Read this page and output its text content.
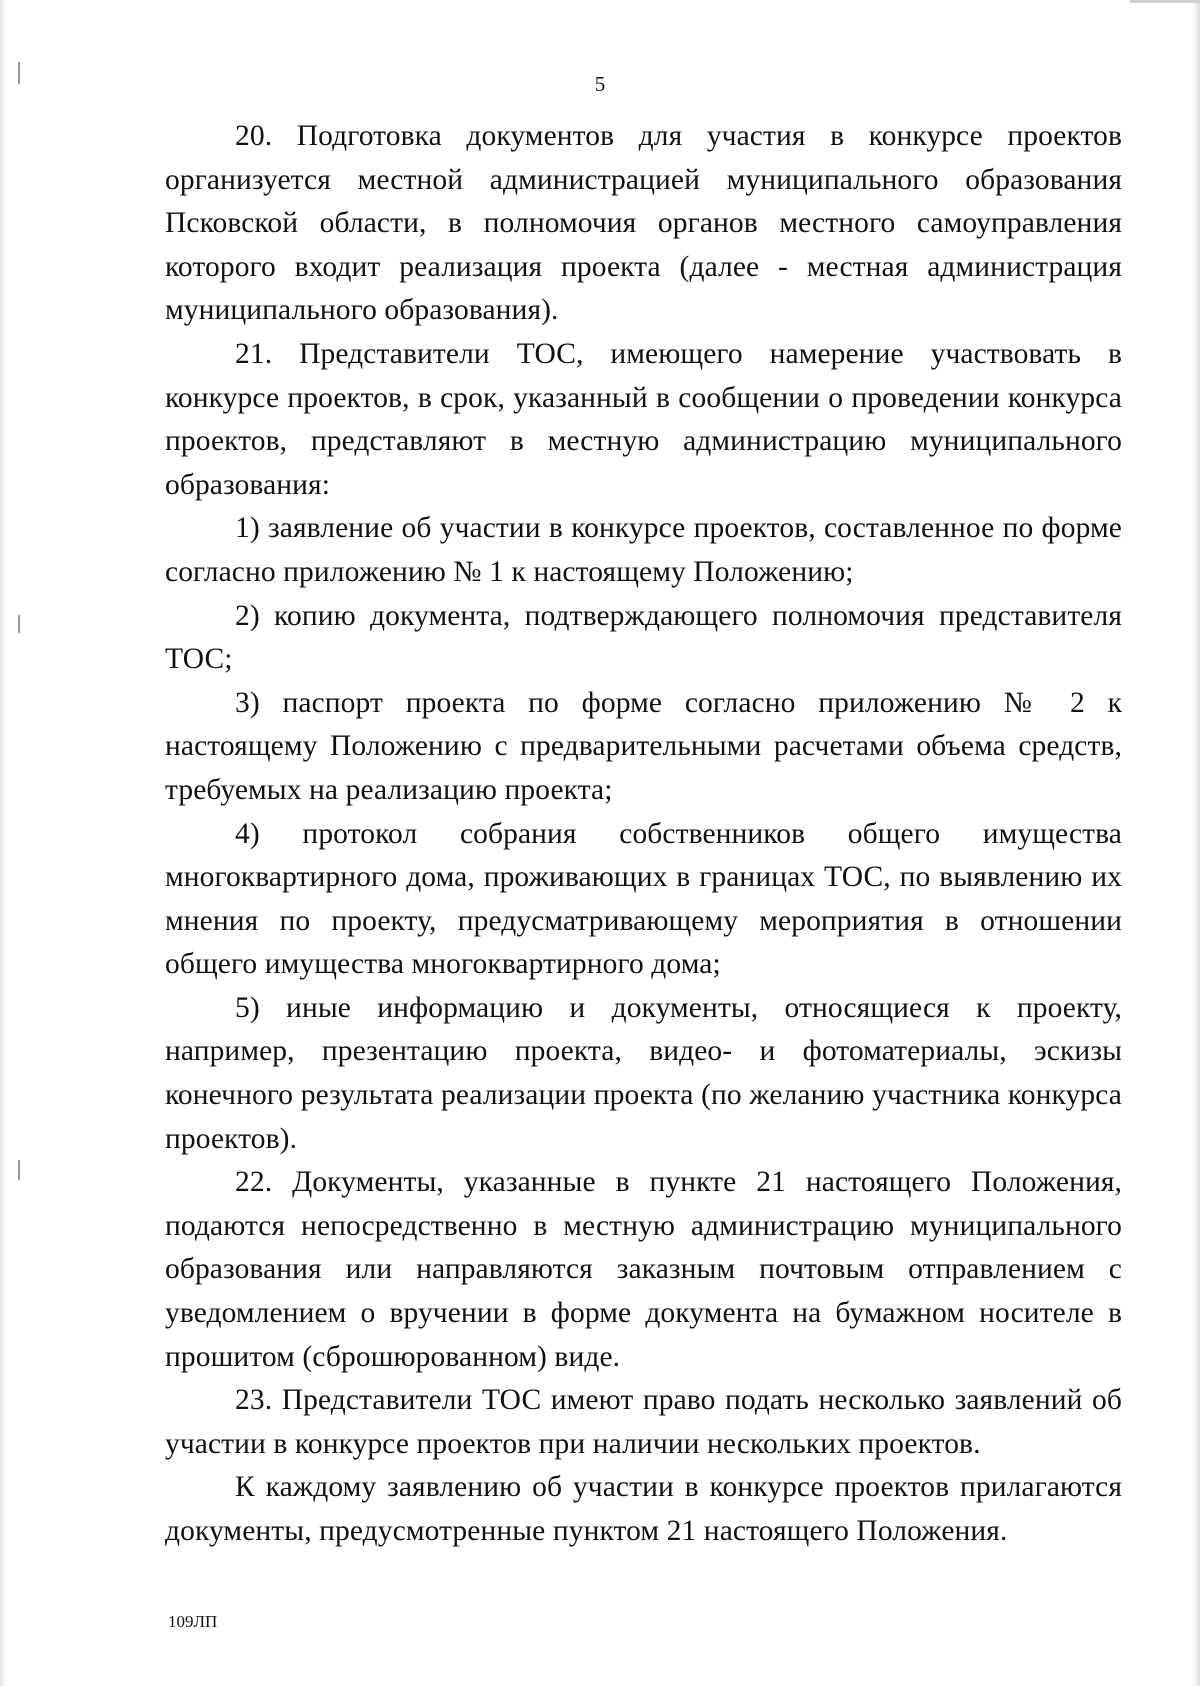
5

20. Подготовка документов для участия в конкурсе проектов организуется местной администрацией муниципального образования Псковской области, в полномочия органов местного самоуправления которого входит реализация проекта (далее - местная администрация муниципального образования).

21. Представители ТОС, имеющего намерение участвовать в конкурсе проектов, в срок, указанный в сообщении о проведении конкурса проектов, представляют в местную администрацию муниципального образования:

1) заявление об участии в конкурсе проектов, составленное по форме согласно приложению № 1 к настоящему Положению;

2) копию документа, подтверждающего полномочия представителя ТОС;

3) паспорт проекта по форме согласно приложению № 2 к настоящему Положению с предварительными расчетами объема средств, требуемых на реализацию проекта;

4) протокол собрания собственников общего имущества многоквартирного дома, проживающих в границах ТОС, по выявлению их мнения по проекту, предусматривающему мероприятия в отношении общего имущества многоквартирного дома;

5) иные информацию и документы, относящиеся к проекту, например, презентацию проекта, видео- и фотоматериалы, эскизы конечного результата реализации проекта (по желанию участника конкурса проектов).

22. Документы, указанные в пункте 21 настоящего Положения, подаются непосредственно в местную администрацию муниципального образования или направляются заказным почтовым отправлением с уведомлением о вручении в форме документа на бумажном носителе в прошитом (сброшюрованном) виде.

23. Представители ТОС имеют право подать несколько заявлений об участии в конкурсе проектов при наличии нескольких проектов.

К каждому заявлению об участии в конкурсе проектов прилагаются документы, предусмотренные пунктом 21 настоящего Положения.

109ЛП
